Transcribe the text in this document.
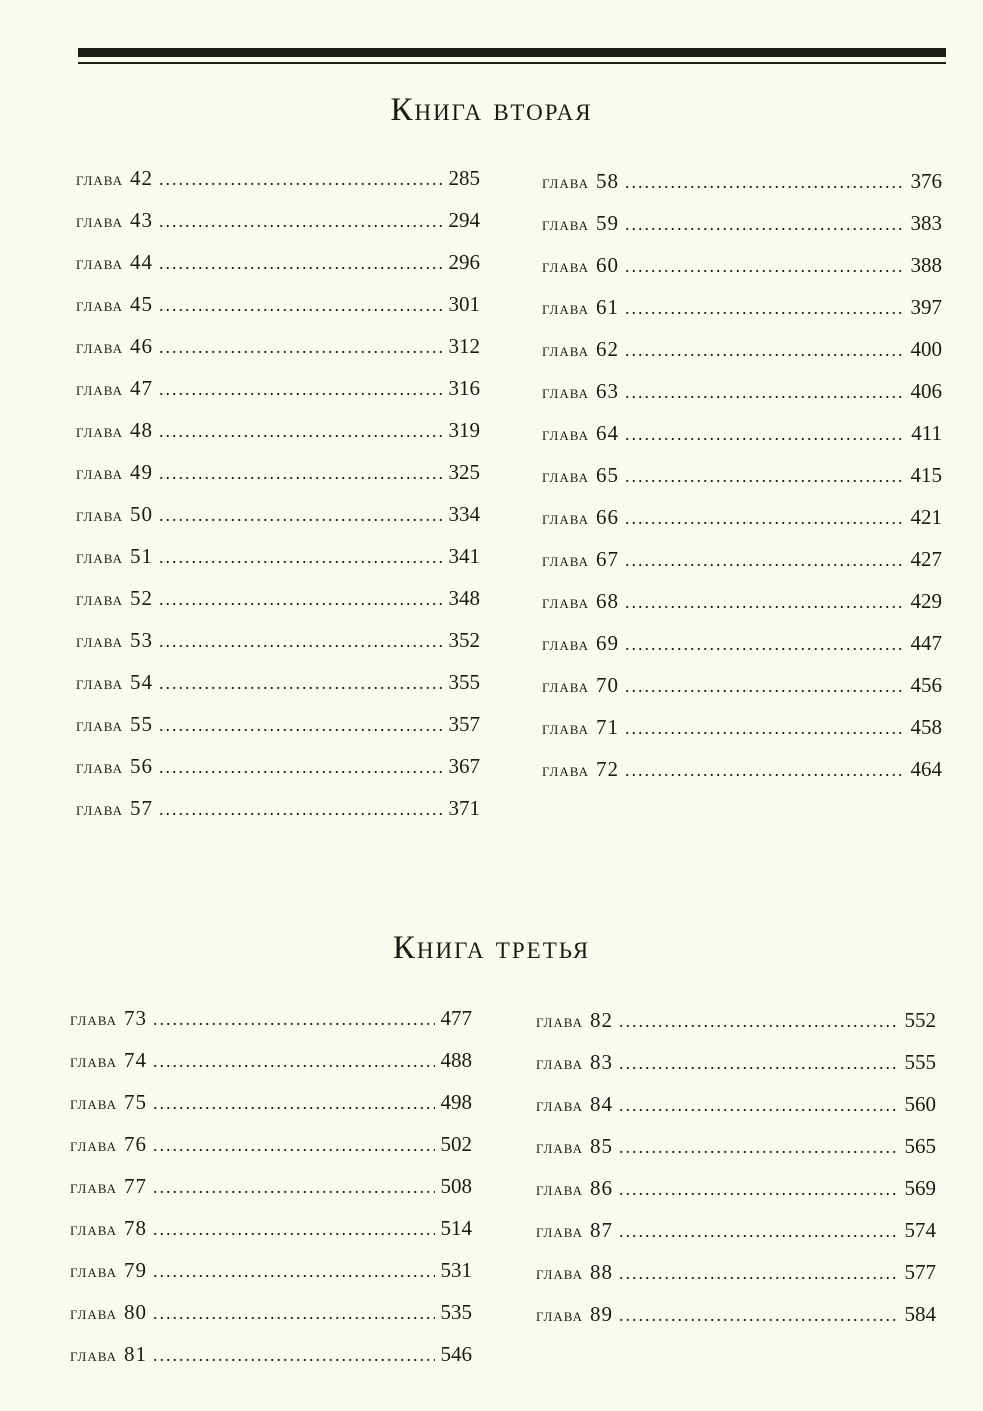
Книга вторая
глава 42 .....	285
глава 43 .....	294
глава 44 .....	296
глава 45 .....	301
глава 46 .....	312
глава 47 .....	316
глава 48 .....	319
глава 49 .....	325
глава 50 .....	334
глава 51 .....	341
глава 52 .....	348
глава 53 .....	352
глава 54 .....	355
глава 55 .....	357
глава 56 .....	367
глава 57 .....	371
глава 58 .....	376
глава 59 .....	383
глава 60 .....	388
глава 61 .....	397
глава 62 .....	400
глава 63 .....	406
глава 64 .....	411
глава 65 .....	415
глава 66 .....	421
глава 67 .....	427
глава 68 .....	429
глава 69 .....	447
глава 70 .....	456
глава 71 .....	458
глава 72 .....	464
Книга третья
глава 73 .....	477
глава 74 .....	488
глава 75 .....	498
глава 76 .....	502
глава 77 .....	508
глава 78 .....	514
глава 79 .....	531
глава 80 .....	535
глава 81 .....	546
глава 82 .....	552
глава 83 .....	555
глава 84 .....	560
глава 85 .....	565
глава 86 .....	569
глава 87 .....	574
глава 88 .....	577
глава 89 .....	584
